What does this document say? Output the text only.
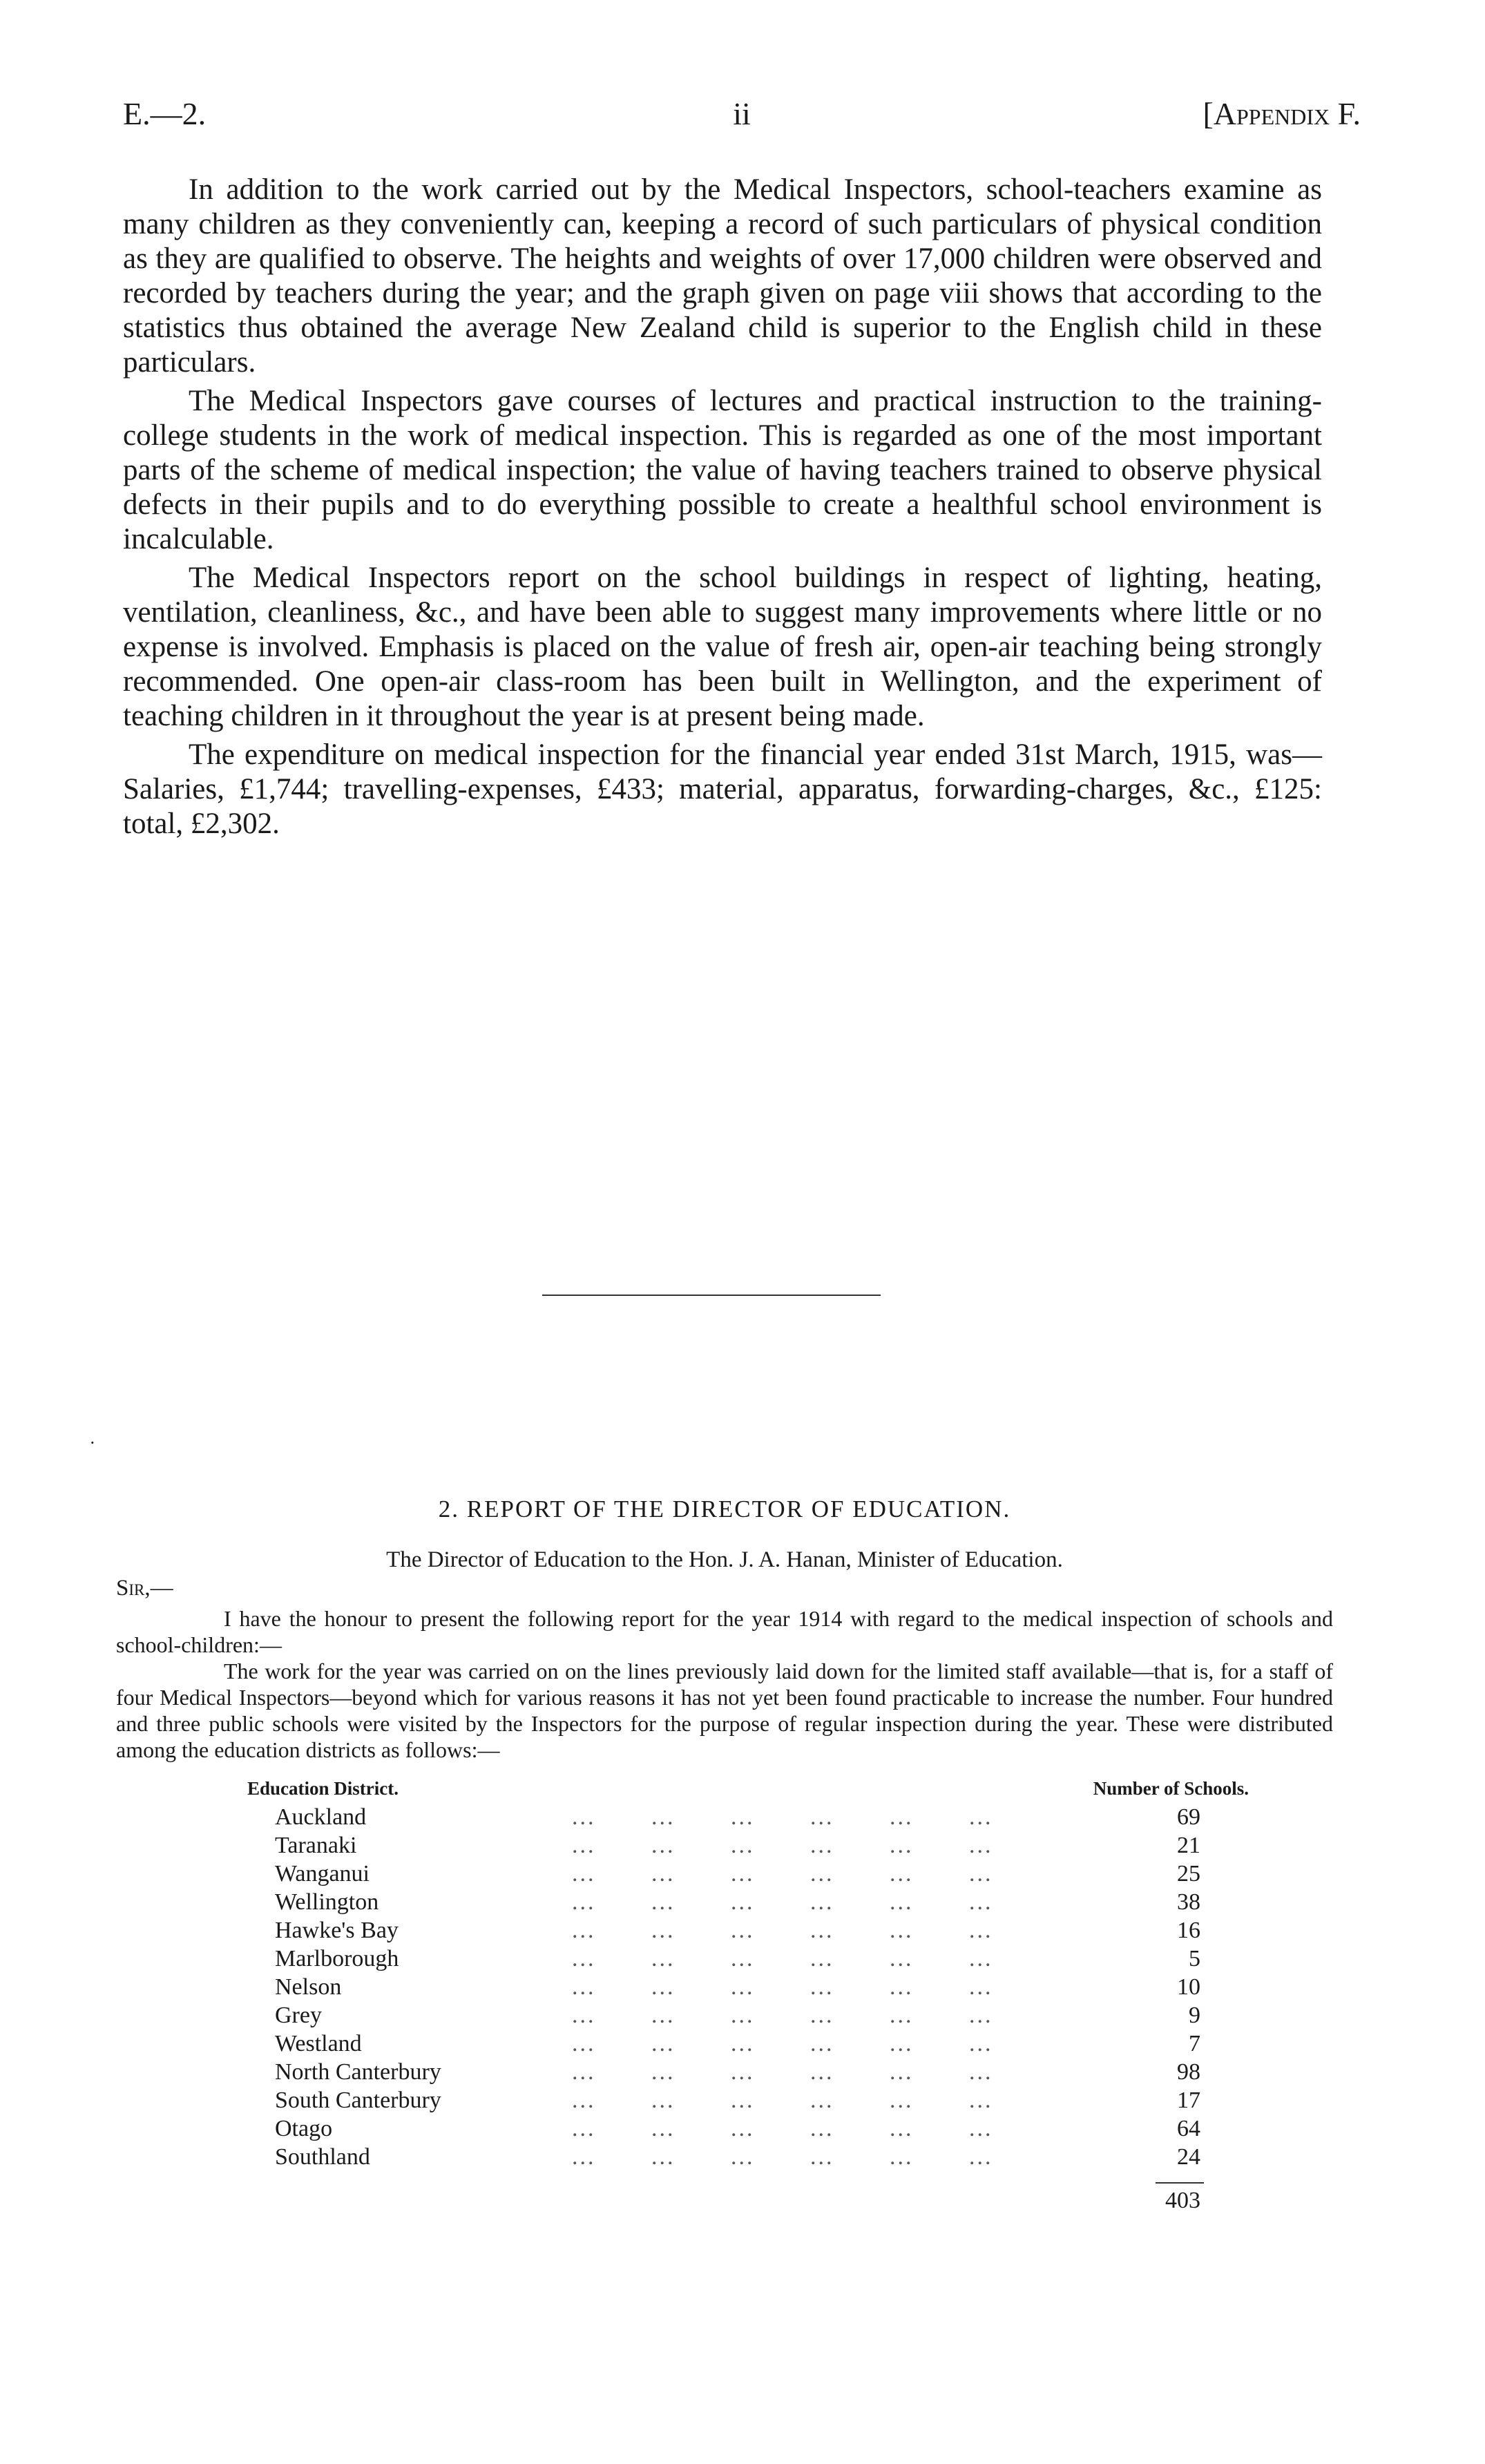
E.—2.	ii	[Appendix F.

In addition to the work carried out by the Medical Inspectors, school-teachers examine as many children as they conveniently can, keeping a record of such particulars of physical condition as they are qualified to observe. The heights and weights of over 17,000 children were observed and recorded by teachers during the year; and the graph given on page viii shows that according to the statistics thus obtained the average New Zealand child is superior to the English child in these particulars.

The Medical Inspectors gave courses of lectures and practical instruction to the training-college students in the work of medical inspection. This is regarded as one of the most important parts of the scheme of medical inspection; the value of having teachers trained to observe physical defects in their pupils and to do everything possible to create a healthful school environment is incalculable.

The Medical Inspectors report on the school buildings in respect of lighting, heating, ventilation, cleanliness, &c., and have been able to suggest many improvements where little or no expense is involved. Emphasis is placed on the value of fresh air, open-air teaching being strongly recommended. One open-air class-room has been built in Wellington, and the experiment of teaching children in it throughout the year is at present being made.

The expenditure on medical inspection for the financial year ended 31st March, 1915, was—Salaries, £1,744; travelling-expenses, £433; material, apparatus, forwarding-charges, &c., £125: total, £2,302.

·
2. REPORT OF THE DIRECTOR OF EDUCATION.
The Director of Education to the Hon. J. A. Hanan, Minister of Education.
Sir,—

I have the honour to present the following report for the year 1914 with regard to the medical inspection of schools and school-children:—

The work for the year was carried on on the lines previously laid down for the limited staff available—that is, for a staff of four Medical Inspectors—beyond which for various reasons it has not yet been found practicable to increase the number. Four hundred and three public schools were visited by the Inspectors for the purpose of regular inspection during the year. These were distributed among the education districts as follows:—

Education District.	Number of Schools.
Auckland	...       ...       ...       ...       ...       ...	69
Taranaki	...       ...       ...       ...       ...       ...	21
Wanganui	...       ...       ...       ...       ...       ...	25
Wellington	...       ...       ...       ...       ...       ...	38
Hawke's Bay	...       ...       ...       ...       ...       ...	16
Marlborough	...       ...       ...       ...       ...       ...	5
Nelson	...       ...       ...       ...       ...       ...	10
Grey	...       ...       ...       ...       ...       ...	9
Westland	...       ...       ...       ...       ...       ...	7
North Canterbury	...       ...       ...       ...       ...       ...	98
South Canterbury	...       ...       ...       ...       ...       ...	17
Otago	...       ...       ...       ...       ...       ...	64
Southland	...       ...       ...       ...       ...       ...	24
403
